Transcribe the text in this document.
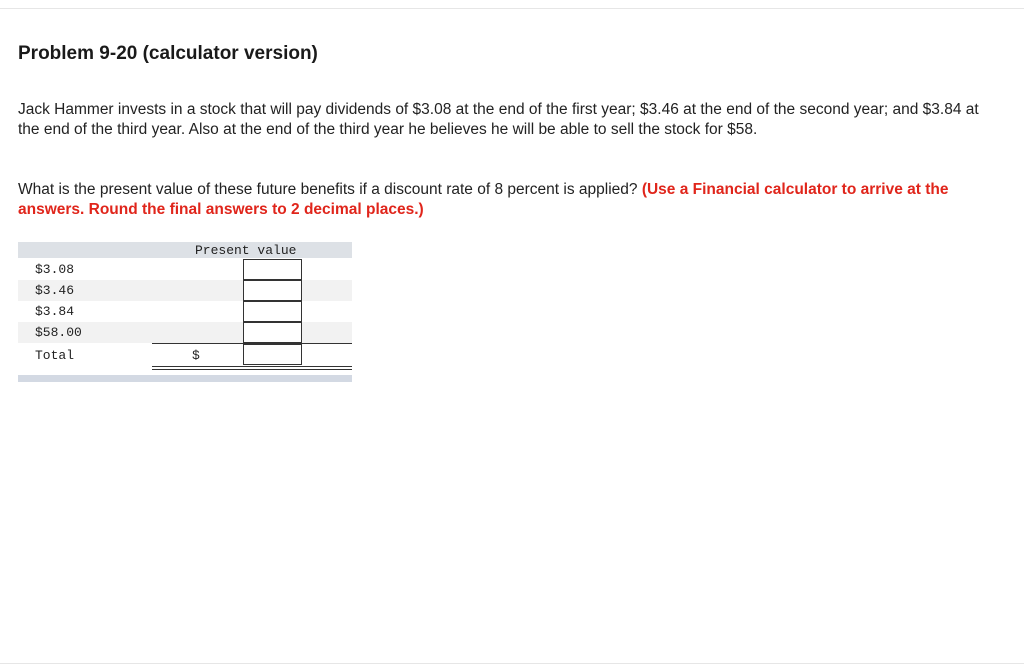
Problem 9-20 (calculator version)

Jack Hammer invests in a stock that will pay dividends of $3.08 at the end of the first year; $3.46 at the end of the second year; and $3.84 at the end of the third year. Also at the end of the third year he believes he will be able to sell the stock for $58.

What is the present value of these future benefits if a discount rate of 8 percent is applied? (Use a Financial calculator to arrive at the answers. Round the final answers to 2 decimal places.)

Present value
$3.08
$3.46
$3.84
$58.00
Total	$
